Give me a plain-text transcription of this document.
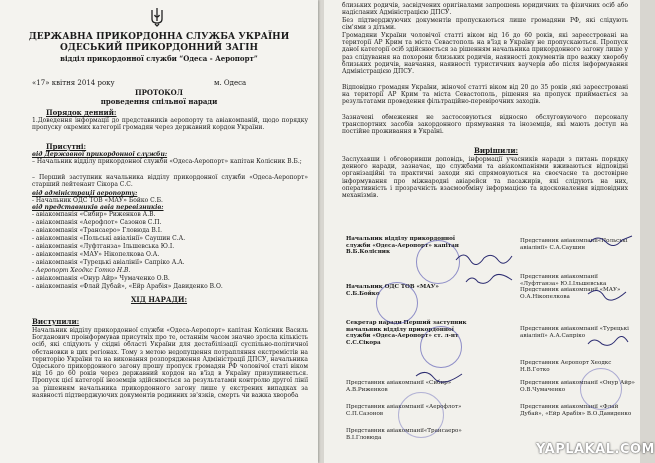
ДЕРЖАВНА ПРИКОРДОННА СЛУЖБА УКРАЇНИ
ОДЕСЬКИЙ ПРИКОРДОННИЙ ЗАГІН
відділ прикордонної служби “Одеса - Аеропорт”
«17» квітня 2014 року	м. Одеса
ПРОТОКОЛ
проведення спільної наради
Порядок денний:
1.Доведення інформації до представників аеропорту та авіакомпаній, щодо порядку пропуску окремих категорії громадян через державний кордон України.
Присутні:
від Державної прикордонної служби:
– Начальник відділу прикордонної служби «Одеса-Аеропорт» капітан Колісник В.Б.;
– Перший заступник начальника відділу прикордонної служби «Одеса-Аеропорт» старший лейтенант Сікора С.С.
від адміністрації аеропорту:
- Начальник ОДС ТОВ «МАУ» Бойко С.Б.
від представників авіа перевізників:
- авіакомпанія «Сибир» Риженков А.В.
- авіакомпанія «Аерофлот» Сазонов С.П.
- авіакомпанія «Трансаеро» Гловюда В.І.
- авіакомпанія «Польські авіалінії» Саушин С.А.
- авіакомпанія «Луфтганза» Ільшевська Ю.І.
- авіакомпанія «МАУ» Нікопелкова О.А.
- авіакомпанія «Турецькі авіалінії» Сапріко А.А.
- Аеропорт Хеодкс Готко Н.В.
- авіакомпанія «Онур Айр» Чумаченко О.В.
- авіакомпанія «Флай Дубай», «Ейр Арабія» Давиденко В.О.
ХІД НАРАДИ:
Виступили:
Начальник відділу прикордонної служби «Одеса-Аеропорт» капітан Колісник Василь Богданович проінформував присутніх про те, останнім часом значно зросла кількість осіб, які слідують у східні області України для дестабілізації суспільно-політичної обстановки в цих регіонах. Тому з метою недопущення потрапляння екстремістів на територію України та на виконання розпорядження Адміністрації ДПСУ, начальника Одеського прикордонного загону прошу пропуск громадян РФ чоловічої статі віком від 16 до 60 років через державний кордон на в'їзд в Україну призупиняється. Пропуск цієї категорії іноземців здійснюється за результатами контролю другої лінії за рішенням начальника прикордонного загону лише у екстрених випадках за наявності підтверджуючих документів родинних зв'язків, смерть чи важка хвороба
близьких родичів, засвідчених оригіналами запрошень юридичних та фізичних осіб або надісланих Адміністрацією ДПСУ.
Без підтверджуючих документів пропускаються лише громадяни РФ, які слідують сім'ями з дітьми.
Громадяни України чоловічої статті віком від 16 до 60 років, які зареєстровані на території АР Крим та міста Севастополь на в'їзд в Україну не пропускаються. Пропуск даної категорії осіб здійснюється за рішенням начальника прикордонного загону лише у раз слідування на похорони близьких родичів, наявності документів про важку хворобу близьких родичів, навчання, наявності туристичних ваучерів або після інформування Адміністрацією ДПСУ.
Відповідно громадян України, жіночої статті віком від 20 до 35 років ,які зареєстровані на території АР Крим та міста Севастополь, рішення на пропуск приймається за результатами проведення фільтраційно-перевірочних заходів.
Зазначені обмеження не застосовуються відносно обслуговуючого персоналу транспортних засобів закордонного прямування та іноземців, які мають доступ на постійне проживання в Україні.
Вирішили:
Заслухавши і обговоривши доповідь, інформації учасників наради з питань порядку денного наради, зазначає, що службами та авіакомпаніями вживаються відповідні організаційні та практичні заходи які спрямовуються на своєчасне та достовірне інформування про міжнародні авіарейси та пасажирів, які слідують на них, оперативність і прозрачність взаємообміну інформацією та вдосконалення відповідних механізмів.
Начальник відділу прикордонної служби «Одеса-Аеропорт» капітан В.Б.Колісник
Представник авіакомпанії«Польські авіалінії» С.А.Саушин
Начальник ОДС ТОВ «МАУ» С.Б.Бойко
Представник авіакомпанії «Луфтганза» Ю.І.Ільшевська Представник авіакомпанії «МАУ» О.А.Нікопелкова
Секретар наради Перший заступник начальник відділу прикордонної служби «Одеса-Аеропорт» ст. л-нт С.С.Сікора
Представник авіакомпанії «Турецькі авіалінії» А.А.Сапріко
Представник Аеропорт Хеодкс Н.В.Готко
Представник авіакомпанії «Сибир» А.В.Риженков
Представник авіакомпанії «Онур Айр» О.В.Чумаченко
Представник авіакомпанії «Аерофлот» С.П.Сазонов
Представник авіакомпанії «Флай Дубай», «Ейр Арабія» В.О.Давиденко
Представник авіакомпанії«Трансаеро» В.І.Гловюда
YAPLAKAL.COM
